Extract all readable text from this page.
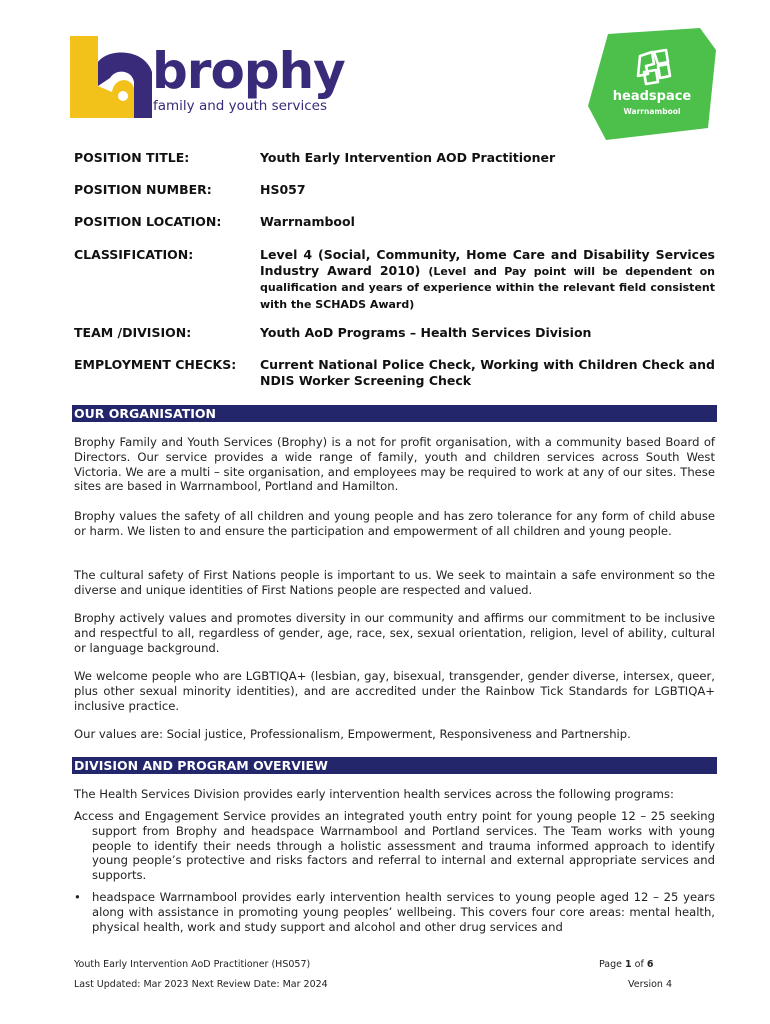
brophy
family and youth services
headspace
Warrnambool
POSITION TITLE:	Youth Early Intervention AOD Practitioner
POSITION NUMBER:	HS057
POSITION LOCATION:	Warrnambool
CLASSIFICATION:	Level 4 (Social, Community, Home Care and Disability Services Industry Award 2010) (Level and Pay point will be dependent on qualification and years of experience within the relevant field consistent with the SCHADS Award)
TEAM /DIVISION:	Youth AoD Programs – Health Services Division
EMPLOYMENT CHECKS:	Current National Police Check, Working with Children Check and NDIS Worker Screening Check
OUR ORGANISATION
Brophy Family and Youth Services (Brophy) is a not for profit organisation, with a community based Board of Directors. Our service provides a wide range of family, youth and children services across South West Victoria. We are a multi – site organisation, and employees may be required to work at any of our sites. These sites are based in Warrnambool, Portland and Hamilton.
Brophy values the safety of all children and young people and has zero tolerance for any form of child abuse or harm. We listen to and ensure the participation and empowerment of all children and young people.
The cultural safety of First Nations people is important to us. We seek to maintain a safe environment so the diverse and unique identities of First Nations people are respected and valued.
Brophy actively values and promotes diversity in our community and affirms our commitment to be inclusive and respectful to all, regardless of gender, age, race, sex, sexual orientation, religion, level of ability, cultural or language background.
We welcome people who are LGBTIQA+ (lesbian, gay, bisexual, transgender, gender diverse, intersex, queer, plus other sexual minority identities), and are accredited under the Rainbow Tick Standards for LGBTIQA+ inclusive practice.
Our values are: Social justice, Professionalism, Empowerment, Responsiveness and Partnership.
DIVISION AND PROGRAM OVERVIEW
The Health Services Division provides early intervention health services across the following programs:
Access and Engagement Service provides an integrated youth entry point for young people 12 – 25 seeking support from Brophy and headspace Warrnambool and Portland services. The Team works with young people to identify their needs through a holistic assessment and trauma informed approach to identify young people’s protective and risks factors and referral to internal and external appropriate services and supports.
• headspace Warrnambool provides early intervention health services to young people aged 12 – 25 years along with assistance in promoting young peoples’ wellbeing. This covers four core areas: mental health, physical health, work and study support and alcohol and other drug services and
Youth Early Intervention AoD Practitioner (HS057)
Last Updated: Mar 2023 Next Review Date: Mar 2024
Page 1 of 6
Version 4
